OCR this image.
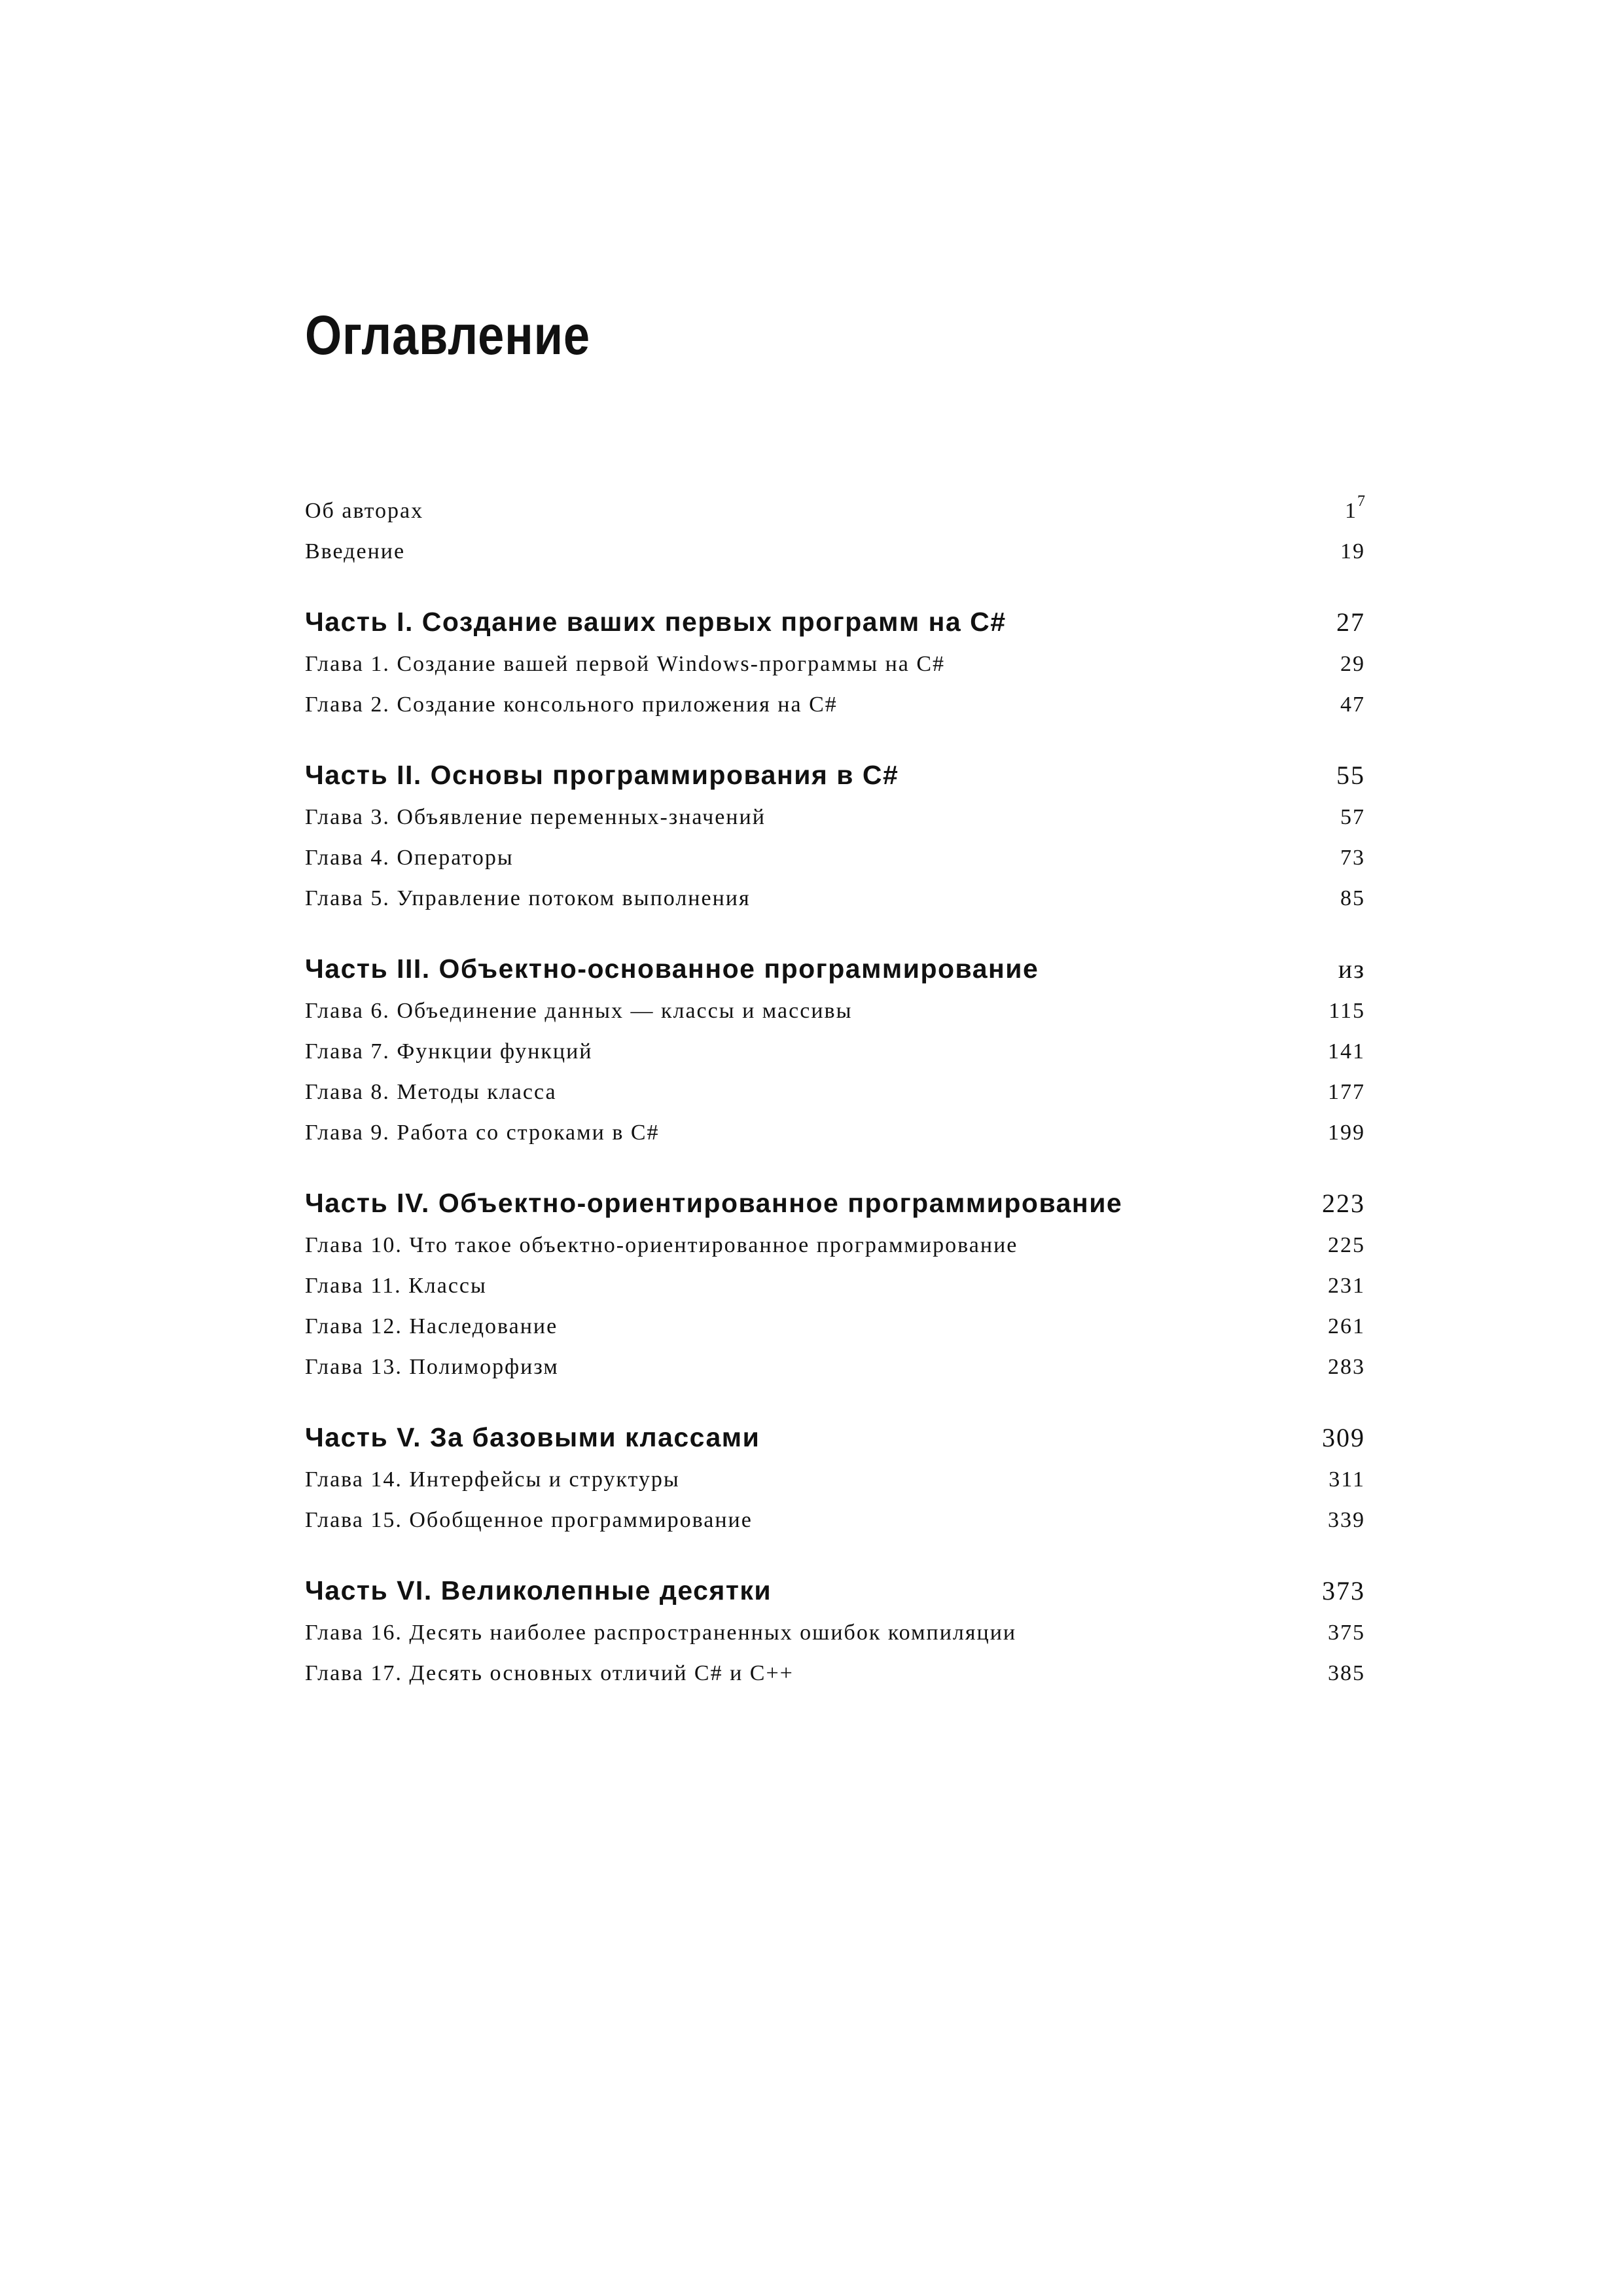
Оглавление
Об авторах	$1^7$
Введение	19
Часть I. Создание ваших первых программ на C#	27
Глава 1. Создание вашей первой Windows-программы на C#	29
Глава 2. Создание консольного приложения на C#	47
Часть II. Основы программирования в C#	55
Глава 3. Объявление переменных-значений	57
Глава 4. Операторы	73
Глава 5. Управление потоком выполнения	85
Часть III. Объектно-основанное программирование	из
Глава 6. Объединение данных — классы и массивы	115
Глава 7. Функции функций	141
Глава 8. Методы класса	177
Глава 9. Работа со строками в C#	199
Часть IV. Объектно-ориентированное программирование	223
Глава 10. Что такое объектно-ориентированное программирование	225
Глава 11. Классы	231
Глава 12. Наследование	261
Глава 13. Полиморфизм	283
Часть V. За базовыми классами	309
Глава 14. Интерфейсы и структуры	311
Глава 15. Обобщенное программирование	339
Часть VI. Великолепные десятки	373
Глава 16. Десять наиболее распространенных ошибок компиляции	375
Глава 17. Десять основных отличий C# и C++	385
